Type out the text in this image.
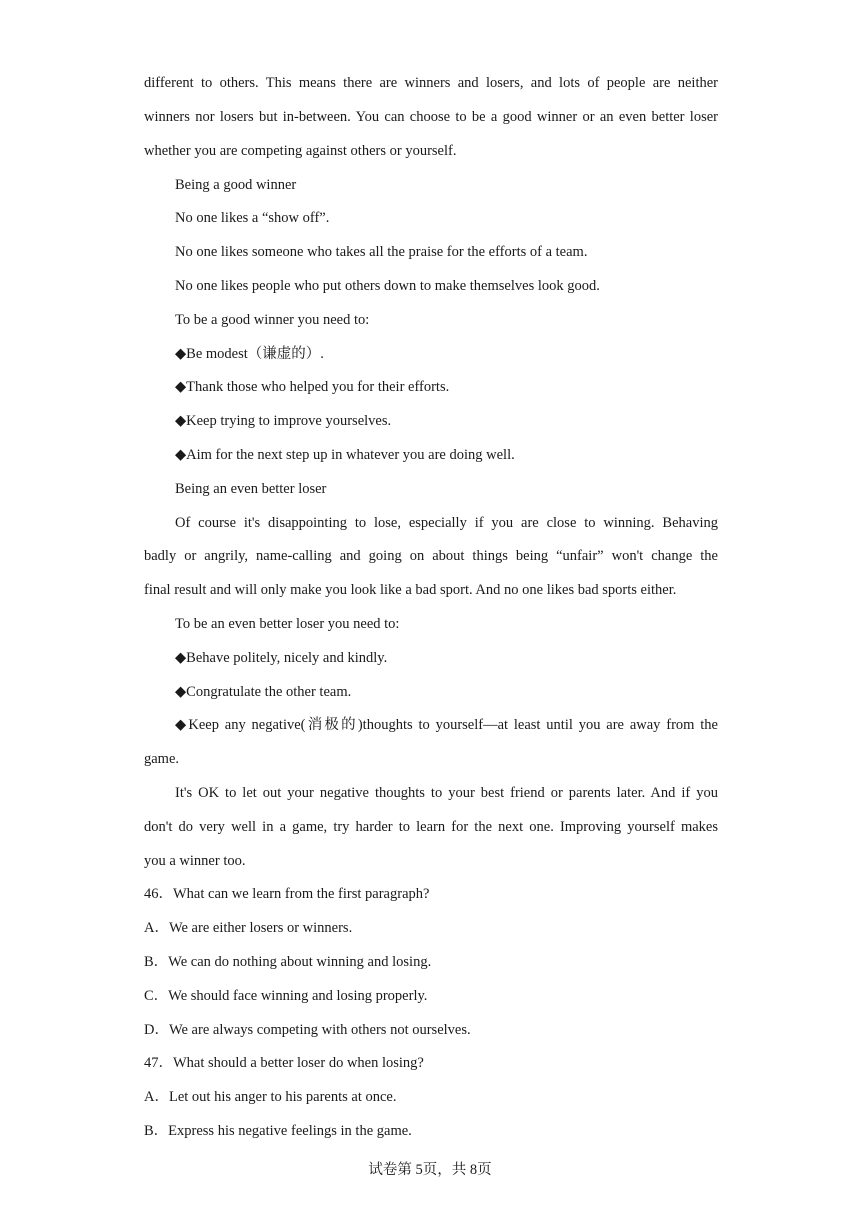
different to others. This means there are winners and losers, and lots of people are neither
winners nor losers but in-between. You can choose to be a good winner or an even better loser
whether you are competing against others or yourself.
Being a good winner
No one likes a “show off”.
No one likes someone who takes all the praise for the efforts of a team.
No one likes people who put others down to make themselves look good.
To be a good winner you need to:
◆Be modest（谦虚的）.
◆Thank those who helped you for their efforts.
◆Keep trying to improve yourselves.
◆Aim for the next step up in whatever you are doing well.
Being an even better loser
Of course it's disappointing to lose, especially if you are close to winning. Behaving
badly or angrily, name-calling and going on about things being “unfair” won't change the
final result and will only make you look like a bad sport. And no one likes bad sports either.
To be an even better loser you need to:
◆Behave politely, nicely and kindly.
◆Congratulate the other team.
◆Keep any negative(消极的)thoughts to yourself—at least until you are away from the
game.
It's OK to let out your negative thoughts to your best friend or parents later. And if you
don't do very well in a game, try harder to learn for the next one. Improving yourself makes
you a winner too.
46．What can we learn from the first paragraph?
A．We are either losers or winners.
B．We can do nothing about winning and losing.
C．We should face winning and losing properly.
D．We are always competing with others not ourselves.
47．What should a better loser do when losing?
A．Let out his anger to his parents at once.
B．Express his negative feelings in the game.
试卷第 5页，共 8页
